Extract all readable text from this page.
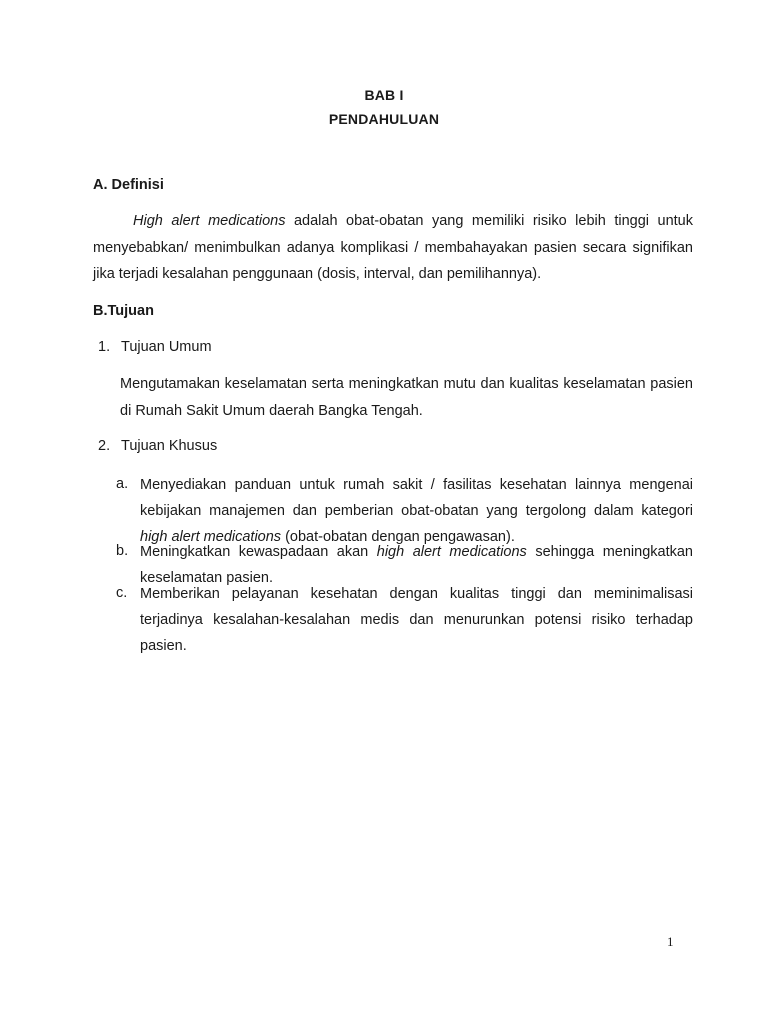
BAB I
PENDAHULUAN
A. Definisi
High alert medications adalah obat-obatan yang memiliki risiko lebih tinggi untuk menyebabkan/ menimbulkan adanya komplikasi / membahayakan pasien secara signifikan jika terjadi kesalahan penggunaan (dosis, interval, dan pemilihannya).
B.Tujuan
1. Tujuan Umum
Mengutamakan keselamatan serta meningkatkan mutu dan kualitas keselamatan pasien di Rumah Sakit Umum daerah Bangka Tengah.
2. Tujuan Khusus
a. Menyediakan panduan untuk rumah sakit / fasilitas kesehatan lainnya mengenai kebijakan manajemen dan pemberian obat-obatan yang tergolong dalam kategori high alert medications (obat-obatan dengan pengawasan).
b. Meningkatkan kewaspadaan akan high alert medications sehingga meningkatkan keselamatan pasien.
c. Memberikan pelayanan kesehatan dengan kualitas tinggi dan meminimalisasi terjadinya kesalahan-kesalahan medis dan menurunkan potensi risiko terhadap pasien.
1
